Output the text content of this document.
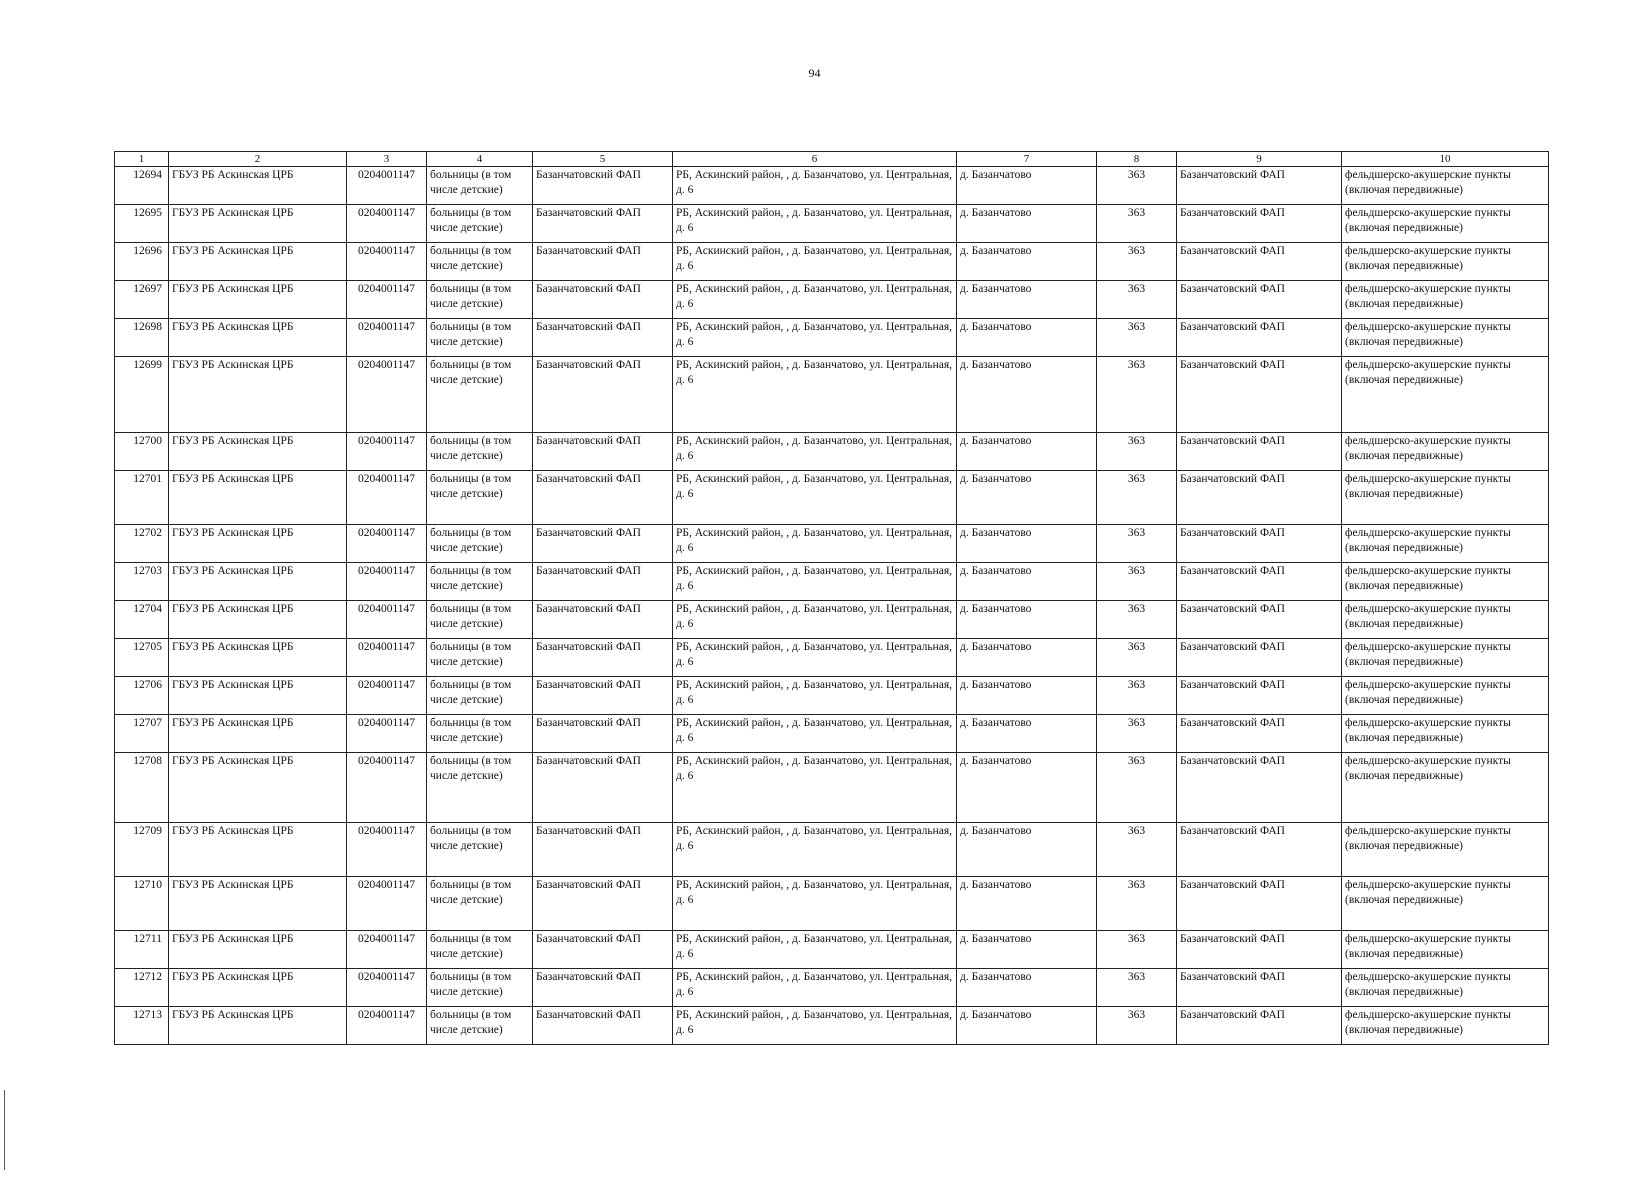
94
1	2	3	4	5	6	7	8	9	10
12694	ГБУЗ РБ Аскинская ЦРБ	0204001147	больницы (в том числе детские)	Базанчатовский ФАП	РБ, Аскинский район, , д. Базанчатово, ул. Центральная, д. 6	д. Базанчатово	363	Базанчатовский ФАП	фельдшерско-акушерские пункты (включая передвижные)
12695	ГБУЗ РБ Аскинская ЦРБ	0204001147	больницы (в том числе детские)	Базанчатовский ФАП	РБ, Аскинский район, , д. Базанчатово, ул. Центральная, д. 6	д. Базанчатово	363	Базанчатовский ФАП	фельдшерско-акушерские пункты (включая передвижные)
12696	ГБУЗ РБ Аскинская ЦРБ	0204001147	больницы (в том числе детские)	Базанчатовский ФАП	РБ, Аскинский район, , д. Базанчатово, ул. Центральная, д. 6	д. Базанчатово	363	Базанчатовский ФАП	фельдшерско-акушерские пункты (включая передвижные)
12697	ГБУЗ РБ Аскинская ЦРБ	0204001147	больницы (в том числе детские)	Базанчатовский ФАП	РБ, Аскинский район, , д. Базанчатово, ул. Центральная, д. 6	д. Базанчатово	363	Базанчатовский ФАП	фельдшерско-акушерские пункты (включая передвижные)
12698	ГБУЗ РБ Аскинская ЦРБ	0204001147	больницы (в том числе детские)	Базанчатовский ФАП	РБ, Аскинский район, , д. Базанчатово, ул. Центральная, д. 6	д. Базанчатово	363	Базанчатовский ФАП	фельдшерско-акушерские пункты (включая передвижные)
12699	ГБУЗ РБ Аскинская ЦРБ	0204001147	больницы (в том числе детские)	Базанчатовский ФАП	РБ, Аскинский район, , д. Базанчатово, ул. Центральная, д. 6	д. Базанчатово	363	Базанчатовский ФАП	фельдшерско-акушерские пункты (включая передвижные)
12700	ГБУЗ РБ Аскинская ЦРБ	0204001147	больницы (в том числе детские)	Базанчатовский ФАП	РБ, Аскинский район, , д. Базанчатово, ул. Центральная, д. 6	д. Базанчатово	363	Базанчатовский ФАП	фельдшерско-акушерские пункты (включая передвижные)
12701	ГБУЗ РБ Аскинская ЦРБ	0204001147	больницы (в том числе детские)	Базанчатовский ФАП	РБ, Аскинский район, , д. Базанчатово, ул. Центральная, д. 6	д. Базанчатово	363	Базанчатовский ФАП	фельдшерско-акушерские пункты (включая передвижные)
12702	ГБУЗ РБ Аскинская ЦРБ	0204001147	больницы (в том числе детские)	Базанчатовский ФАП	РБ, Аскинский район, , д. Базанчатово, ул. Центральная, д. 6	д. Базанчатово	363	Базанчатовский ФАП	фельдшерско-акушерские пункты (включая передвижные)
12703	ГБУЗ РБ Аскинская ЦРБ	0204001147	больницы (в том числе детские)	Базанчатовский ФАП	РБ, Аскинский район, , д. Базанчатово, ул. Центральная, д. 6	д. Базанчатово	363	Базанчатовский ФАП	фельдшерско-акушерские пункты (включая передвижные)
12704	ГБУЗ РБ Аскинская ЦРБ	0204001147	больницы (в том числе детские)	Базанчатовский ФАП	РБ, Аскинский район, , д. Базанчатово, ул. Центральная, д. 6	д. Базанчатово	363	Базанчатовский ФАП	фельдшерско-акушерские пункты (включая передвижные)
12705	ГБУЗ РБ Аскинская ЦРБ	0204001147	больницы (в том числе детские)	Базанчатовский ФАП	РБ, Аскинский район, , д. Базанчатово, ул. Центральная, д. 6	д. Базанчатово	363	Базанчатовский ФАП	фельдшерско-акушерские пункты (включая передвижные)
12706	ГБУЗ РБ Аскинская ЦРБ	0204001147	больницы (в том числе детские)	Базанчатовский ФАП	РБ, Аскинский район, , д. Базанчатово, ул. Центральная, д. 6	д. Базанчатово	363	Базанчатовский ФАП	фельдшерско-акушерские пункты (включая передвижные)
12707	ГБУЗ РБ Аскинская ЦРБ	0204001147	больницы (в том числе детские)	Базанчатовский ФАП	РБ, Аскинский район, , д. Базанчатово, ул. Центральная, д. 6	д. Базанчатово	363	Базанчатовский ФАП	фельдшерско-акушерские пункты (включая передвижные)
12708	ГБУЗ РБ Аскинская ЦРБ	0204001147	больницы (в том числе детские)	Базанчатовский ФАП	РБ, Аскинский район, , д. Базанчатово, ул. Центральная, д. 6	д. Базанчатово	363	Базанчатовский ФАП	фельдшерско-акушерские пункты (включая передвижные)
12709	ГБУЗ РБ Аскинская ЦРБ	0204001147	больницы (в том числе детские)	Базанчатовский ФАП	РБ, Аскинский район, , д. Базанчатово, ул. Центральная, д. 6	д. Базанчатово	363	Базанчатовский ФАП	фельдшерско-акушерские пункты (включая передвижные)
12710	ГБУЗ РБ Аскинская ЦРБ	0204001147	больницы (в том числе детские)	Базанчатовский ФАП	РБ, Аскинский район, , д. Базанчатово, ул. Центральная, д. 6	д. Базанчатово	363	Базанчатовский ФАП	фельдшерско-акушерские пункты (включая передвижные)
12711	ГБУЗ РБ Аскинская ЦРБ	0204001147	больницы (в том числе детские)	Базанчатовский ФАП	РБ, Аскинский район, , д. Базанчатово, ул. Центральная, д. 6	д. Базанчатово	363	Базанчатовский ФАП	фельдшерско-акушерские пункты (включая передвижные)
12712	ГБУЗ РБ Аскинская ЦРБ	0204001147	больницы (в том числе детские)	Базанчатовский ФАП	РБ, Аскинский район, , д. Базанчатово, ул. Центральная, д. 6	д. Базанчатово	363	Базанчатовский ФАП	фельдшерско-акушерские пункты (включая передвижные)
12713	ГБУЗ РБ Аскинская ЦРБ	0204001147	больницы (в том числе детские)	Базанчатовский ФАП	РБ, Аскинский район, , д. Базанчатово, ул. Центральная, д. 6	д. Базанчатово	363	Базанчатовский ФАП	фельдшерско-акушерские пункты (включая передвижные)
